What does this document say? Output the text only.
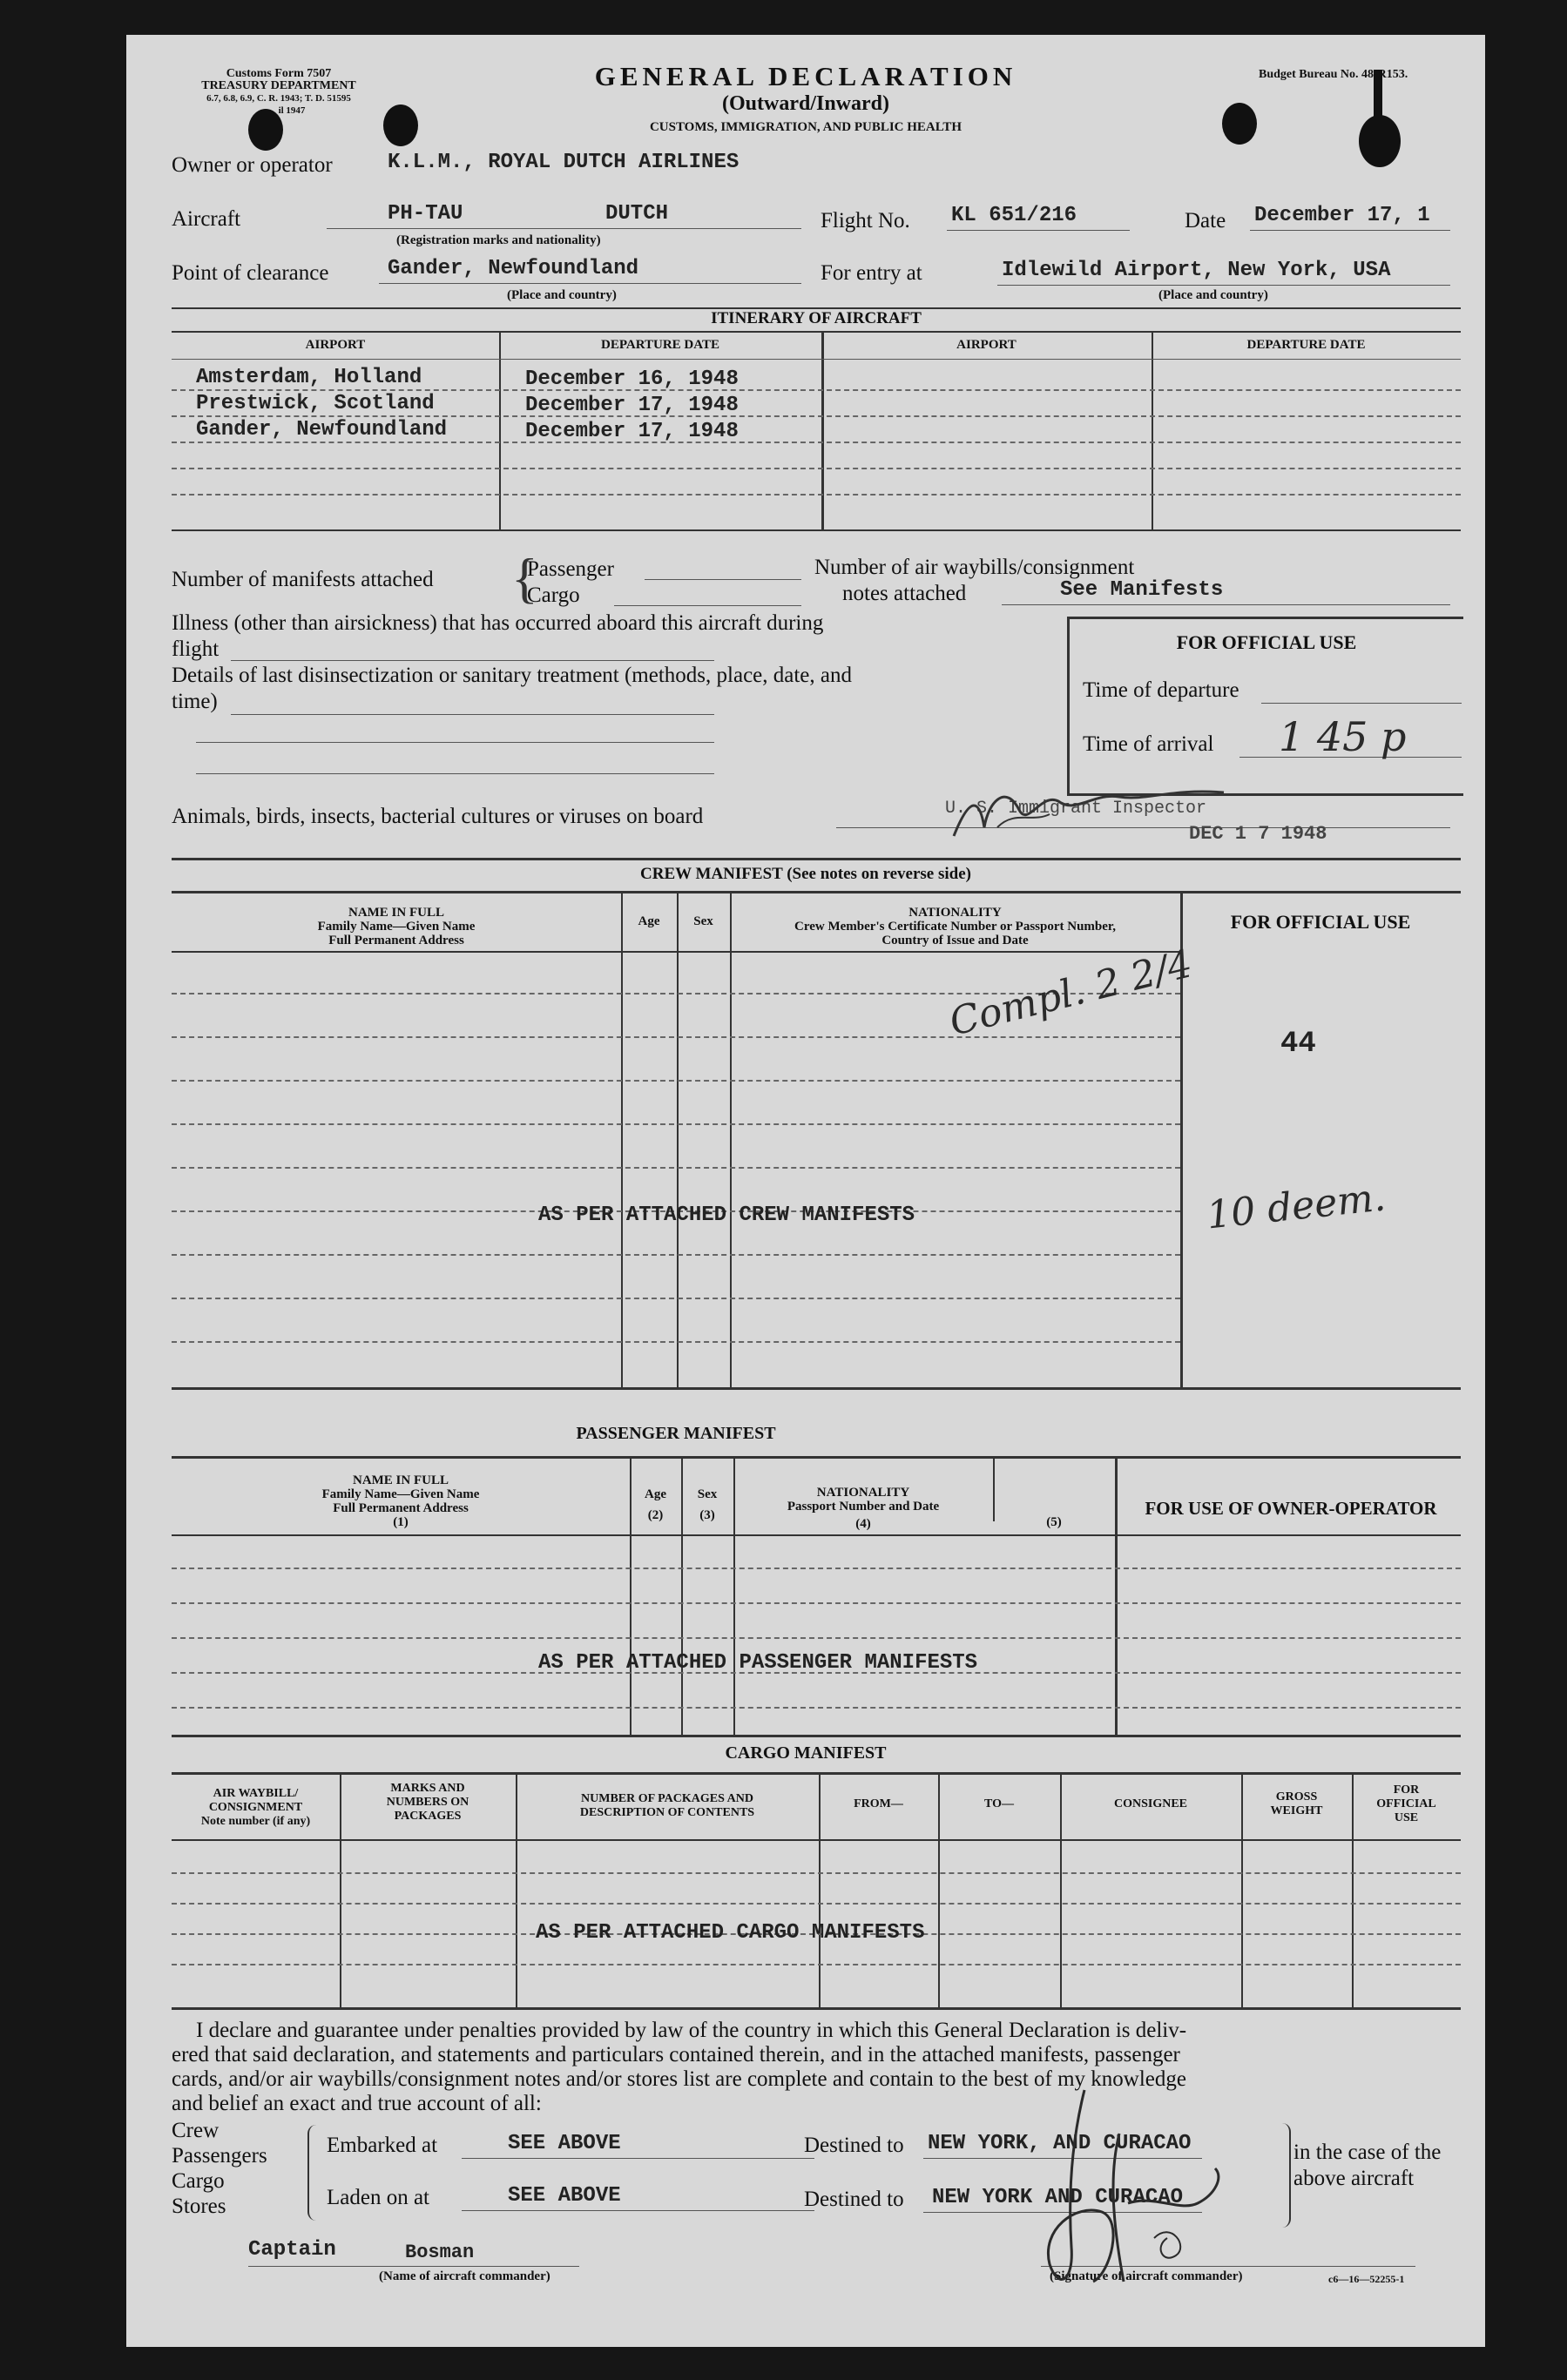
Customs Form 7507
TREASURY DEPARTMENT
6.7, 6.8, 6.9, C. R. 1943; T. D. 51595
il 1947
GENERAL DECLARATION
(Outward/Inward)
CUSTOMS, IMMIGRATION, AND PUBLIC HEALTH
Budget Bureau No. 48-R153.
Owner or operator	K.L.M., ROYAL DUTCH AIRLINES
Aircraft	PH-TAU	DUTCH
(Registration marks and nationality)
Flight No. KL 651/216	Date December 17, 1
Point of clearance	Gander, Newfoundland
(Place and country)
For entry at	Idlewild Airport, New York, USA
(Place and country)
ITINERARY OF AIRCRAFT
AIRPORT	DEPARTURE DATE	AIRPORT	DEPARTURE DATE
Amsterdam, Holland	December 16, 1948
Prestwick, Scotland	December 17, 1948
Gander, Newfoundland	December 17, 1948
Number of manifests attached {
Passenger
Cargo
Number of air waybills/consignment
notes attached	See Manifests
Illness (other than airsickness) that has occurred aboard this aircraft during
flight
Details of last disinsectization or sanitary treatment (methods, place, date, and
time)
Animals, birds, insects, bacterial cultures or viruses on board
FOR OFFICIAL USE
Time of departure
Time of arrival 1 45 p
U. S. Immigrant Inspector
DEC 1 7 1948
CREW MANIFEST (See notes on reverse side)
NAME IN FULL
Family Name—Given Name
Full Permanent Address
Age	Sex
NATIONALITY
Crew Member's Certificate Number or Passport Number,
Country of Issue and Date
FOR OFFICIAL USE
AS PER ATTACHED CREW MANIFESTS
Compl. 2 2/4	44
10 deem.
PASSENGER MANIFEST
NAME IN FULL
Family Name—Given Name
Full Permanent Address
(1)
Age
(2)
Sex
(3)
NATIONALITY
Passport Number and Date
(4)	(5)
FOR USE OF OWNER-OPERATOR
AS PER ATTACHED PASSENGER MANIFESTS
CARGO MANIFEST
AIR WAYBILL/
CONSIGNMENT
Note number (if any)
MARKS AND
NUMBERS ON
PACKAGES
NUMBER OF PACKAGES AND
DESCRIPTION OF CONTENTS
FROM—	TO—	CONSIGNEE
GROSS
WEIGHT
FOR
OFFICIAL
USE
AS PER ATTACHED CARGO MANIFESTS
I declare and guarantee under penalties provided by law of the country in which this General Declaration is deliv-
ered that said declaration, and statements and particulars contained therein, and in the attached manifests, passenger
cards, and/or air waybills/consignment notes and/or stores list are complete and contain to the best of my knowledge
and belief an exact and true account of all:
Crew
Passengers
Cargo
Stores
Embarked at	SEE ABOVE
Laden on at	SEE ABOVE
Destined to NEW YORK, AND CURACAO
Destined to NEW YORK AND CURACAO
in the case of the
above aircraft
Captain	Bosman
(Name of aircraft commander)	(Signature of aircraft commander)	c6—16—52255-1
